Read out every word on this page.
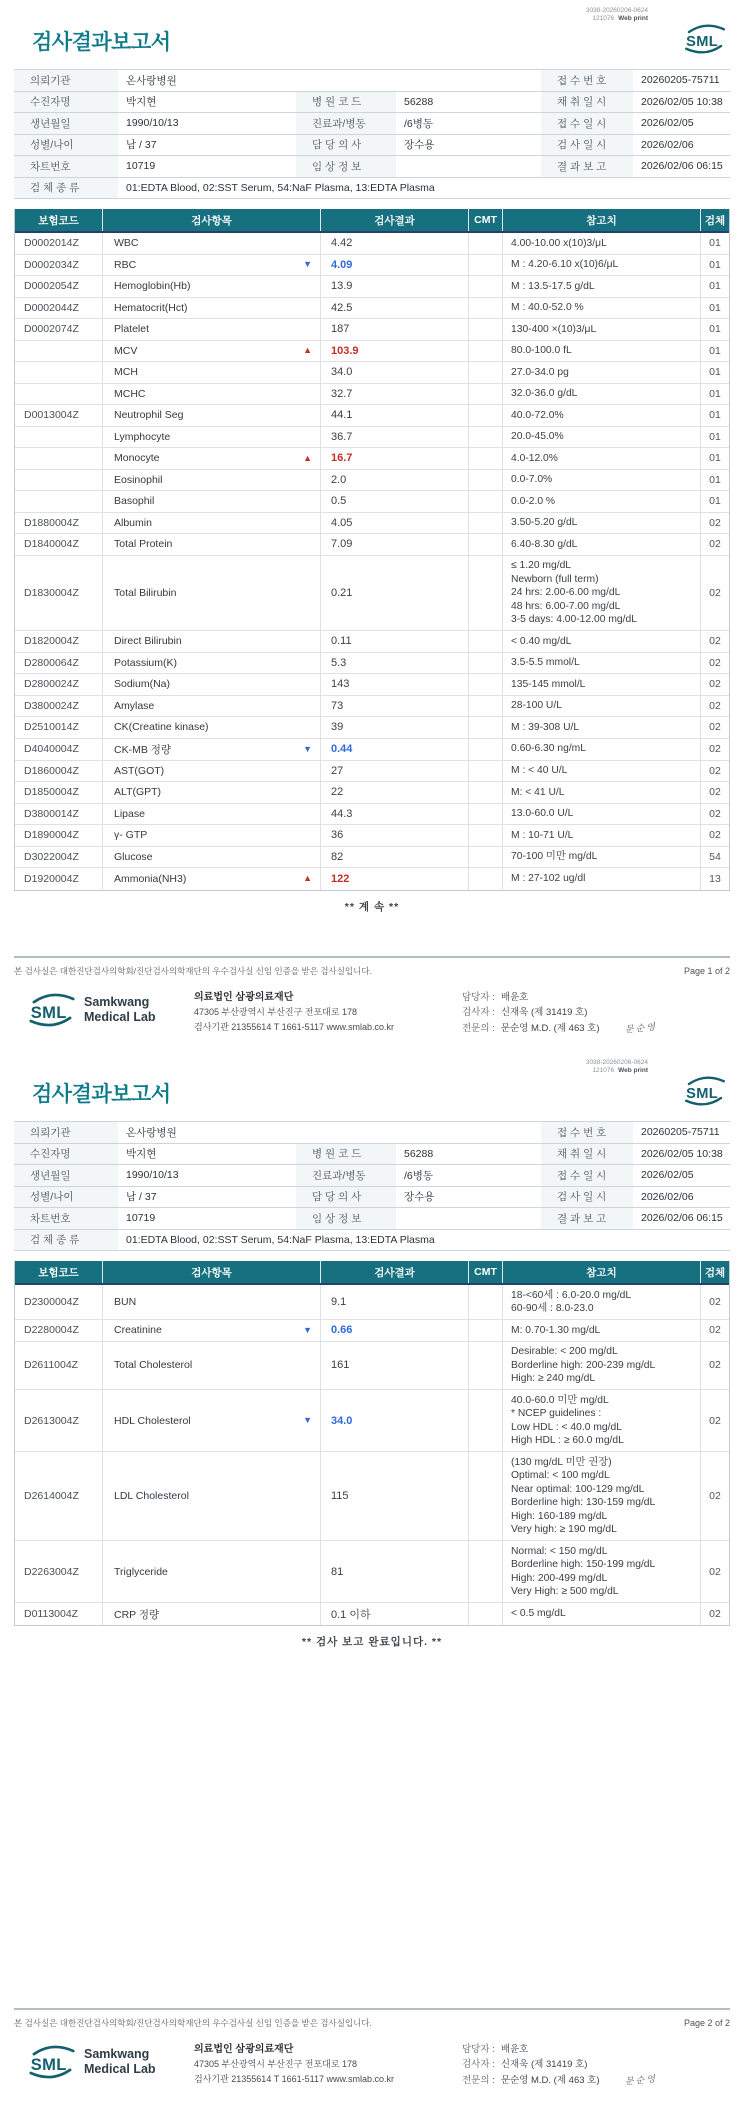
3038-20260206-0624
121076 Web print
SML
검사결과보고서
의뢰기관	온사랑병원	접 수 번 호	20260205-75711
수진자명	박지현	병 원 코 드	56288	채 취 일 시	2026/02/05 10:38
생년월일	1990/10/13	진료과/병동	/6병동	접 수 일 시	2026/02/05
성별/나이	남 / 37	담 당 의 사	장수용	검 사 일 시	2026/02/06
차트번호	10719	임 상 정 보	결 과 보 고	2026/02/06 06:15
검 체 종 류	01:EDTA Blood, 02:SST Serum, 54:NaF Plasma, 13:EDTA Plasma
보험코드	검사항목	검사결과	CMT	참고치	검체
D0002014Z	WBC	4.42	4.00-10.00 x(10)3/μL	01
D0002034Z	RBC	▼ 4.09	M : 4.20-6.10 x(10)6/μL	01
D0002054Z	Hemoglobin(Hb)	13.9	M : 13.5-17.5 g/dL	01
D0002044Z	Hematocrit(Hct)	42.5	M : 40.0-52.0 %	01
D0002074Z	Platelet	187	130-400 ×(10)3/μL	01
MCV	▲ 103.9	80.0-100.0 fL	01
MCH	34.0	27.0-34.0 pg	01
MCHC	32.7	32.0-36.0 g/dL	01
D0013004Z	Neutrophil Seg	44.1	40.0-72.0%	01
Lymphocyte	36.7	20.0-45.0%	01
Monocyte	▲ 16.7	4.0-12.0%	01
Eosinophil	2.0	0.0-7.0%	01
Basophil	0.5	0.0-2.0 %	01
D1880004Z	Albumin	4.05	3.50-5.20 g/dL	02
D1840004Z	Total Protein	7.09	6.40-8.30 g/dL	02
D1830004Z	Total Bilirubin	0.21
≤ 1.20 mg/dL
Newborn (full term)
24 hrs: 2.00-6.00 mg/dL
48 hrs: 6.00-7.00 mg/dL
3-5 days: 4.00-12.00 mg/dL
02
D1820004Z	Direct Bilirubin	0.11	< 0.40 mg/dL	02
D2800064Z	Potassium(K)	5.3	3.5-5.5 mmol/L	02
D2800024Z	Sodium(Na)	143	135-145 mmol/L	02
D3800024Z	Amylase	73	28-100 U/L	02
D2510014Z	CK(Creatine kinase)	39	M : 39-308 U/L	02
D4040004Z	CK-MB 정량	▼ 0.44	0.60-6.30 ng/mL	02
D1860004Z	AST(GOT)	27	M : < 40 U/L	02
D1850004Z	ALT(GPT)	22	M: < 41 U/L	02
D3800014Z	Lipase	44.3	13.0-60.0 U/L	02
D1890004Z	γ- GTP	36	M : 10-71 U/L	02
D3022004Z	Glucose	82	70-100 미만 mg/dL	54
D1920004Z	Ammonia(NH3)	▲ 122	M : 27-102 ug/dl	13
** 계 속 **
본 검사실은 대한진단검사의학회/진단검사의학재단의 우수검사실 신임 인증을 받은 검사실입니다.	Page 1 of 2
SML
Samkwang
Medical Lab
의료법인 삼광의료재단
47305 부산광역시 부산진구 전포대로 178
검사기관 21355614 T 1661-5117 www.smlab.co.kr
담당자 : 배윤호
검사자 : 신재욱 (제 31419 호)
전문의 : 문순영 M.D. (제 463 호)	문순영
3038-20260206-0624
121076 Web print
SML
검사결과보고서
의뢰기관	온사랑병원	접 수 번 호	20260205-75711
수진자명	박지현	병 원 코 드	56288	채 취 일 시	2026/02/05 10:38
생년월일	1990/10/13	진료과/병동	/6병동	접 수 일 시	2026/02/05
성별/나이	남 / 37	담 당 의 사	장수용	검 사 일 시	2026/02/06
차트번호	10719	임 상 정 보	결 과 보 고	2026/02/06 06:15
검 체 종 류	01:EDTA Blood, 02:SST Serum, 54:NaF Plasma, 13:EDTA Plasma
보험코드	검사항목	검사결과	CMT	참고치	검체
D2300004Z	BUN	9.1
18-<60세 : 6.0-20.0 mg/dL
60-90세 : 8.0-23.0
02
D2280004Z	Creatinine	▼ 0.66	M: 0.70-1.30 mg/dL	02
D2611004Z	Total Cholesterol	161
Desirable: < 200 mg/dL
Borderline high: 200-239 mg/dL
High: ≥ 240 mg/dL
02
D2613004Z	HDL Cholesterol	▼ 34.0
40.0-60.0 미만 mg/dL
* NCEP guidelines :
Low HDL : < 40.0 mg/dL
High HDL : ≥ 60.0 mg/dL
02
D2614004Z	LDL Cholesterol	115
(130 mg/dL 미만 권장)
Optimal: < 100 mg/dL
Near optimal: 100-129 mg/dL
Borderline high: 130-159 mg/dL
High: 160-189 mg/dL
Very high: ≥ 190 mg/dL
02
D2263004Z	Triglyceride	81
Normal: < 150 mg/dL
Borderline high: 150-199 mg/dL
High: 200-499 mg/dL
Very High: ≥ 500 mg/dL
02
D0113004Z	CRP 정량	0.1 이하	< 0.5 mg/dL	02
** 검사 보고 완료입니다. **
본 검사실은 대한진단검사의학회/진단검사의학재단의 우수검사실 신임 인증을 받은 검사실입니다.	Page 2 of 2
SML
Samkwang
Medical Lab
의료법인 삼광의료재단
47305 부산광역시 부산진구 전포대로 178
검사기관 21355614 T 1661-5117 www.smlab.co.kr
담당자 : 배윤호
검사자 : 신재욱 (제 31419 호)
전문의 : 문순영 M.D. (제 463 호)	문순영
